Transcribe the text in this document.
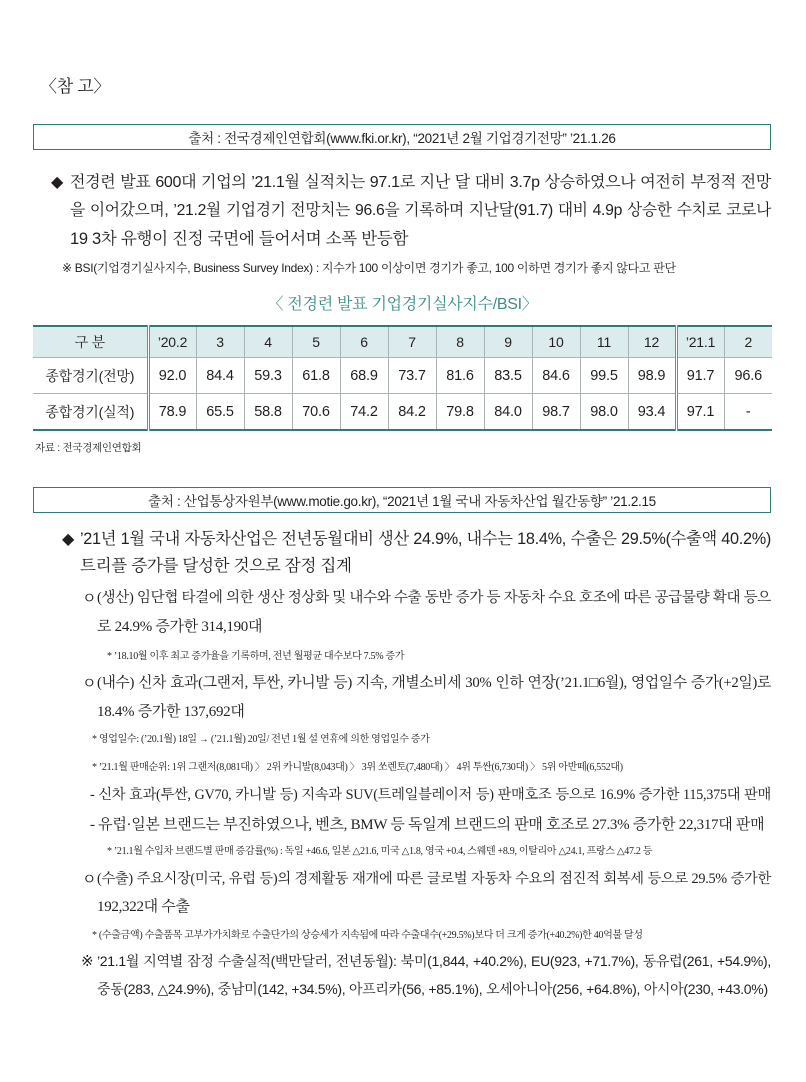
〈참 고〉
출처 : 전국경제인연합회(www.fki.or.kr), “2021년 2월 기업경기전망” ’21.1.26
◆ 전경련 발표 600대 기업의 ’21.1월 실적치는 97.1로 지난 달 대비 3.7p 상승하였으나 여전히 부정적 전망
을 이어갔으며, ’21.2월 기업경기 전망치는 96.6을 기록하며 지난달(91.7) 대비 4.9p 상승한 수치로 코로나
19 3차 유행이 진정 국면에 들어서며 소폭 반등함
※ BSI(기업경기실사지수, Business Survey Index) : 지수가 100 이상이면 경기가 좋고, 100 이하면 경기가 좋지 않다고 판단
〈 전경련 발표 기업경기실사지수/BSI〉
구 분	’20.2	3	4	5	6	7	8	9	10	11	12	’21.1	2
종합경기(전망)	92.0	84.4	59.3	61.8	68.9	73.7	81.6	83.5	84.6	99.5	98.9	91.7	96.6
종합경기(실적)	78.9	65.5	58.8	70.6	74.2	84.2	79.8	84.0	98.7	98.0	93.4	97.1	-
자료 : 전국경제인연합회
출처 : 산업통상자원부(www.motie.go.kr), “2021년 1월 국내 자동차산업 월간동향” ’21.2.15
◆ ’21년 1월 국내 자동차산업은 전년동월대비 생산 24.9%, 내수는 18.4%, 수출은 29.5%(수출액 40.2%)
트리플 증가를 달성한 것으로 잠정 집계
ㅇ (생산) 임단협 타결에 의한 생산 정상화 및 내수와 수출 동반 증가 등 자동차 수요 호조에 따른 공급물량 확대 등으
로 24.9% 증가한 314,190대
* ’18.10월 이후 최고 증가율을 기록하며, 전년 월평균 대수보다 7.5% 증가
ㅇ (내수) 신차 효과(그랜저, 투싼, 카니발 등) 지속, 개별소비세 30% 인하 연장(’21.1□6월), 영업일수 증가(+2일)로
18.4% 증가한 137,692대
* 영업일수: (’20.1월) 18일 → (’21.1월) 20일/ 전년 1월 설 연휴에 의한 영업일수 증가
* ’21.1월 판매순위: 1위 그랜저(8,081대) 〉 2위 카니발(8,043대) 〉 3위 쏘렌토(7,480대) 〉 4위 투싼(6,730대) 〉 5위 아반떼(6,552대)
- 신차 효과(투싼, GV70, 카니발 등) 지속과 SUV(트레일블레이저 등) 판매호조 등으로 16.9% 증가한 115,375대 판매
- 유럽·일본 브랜드는 부진하였으나, 벤츠, BMW 등 독일계 브랜드의 판매 호조로 27.3% 증가한 22,317대 판매
* ’21.1월 수입차 브랜드별 판매 증감률(%) : 독일 +46.6, 일본 △21.6, 미국 △1.8, 영국 +0.4, 스웨덴 +8.9, 이탈리아 △24.1, 프랑스 △47.2 등
ㅇ (수출) 주요시장(미국, 유럽 등)의 경제활동 재개에 따른 글로벌 자동차 수요의 점진적 회복세 등으로 29.5% 증가한
192,322대 수출
* (수출금액) 수출품목 고부가가치화로 수출단가의 상승세가 지속됨에 따라 수출대수(+29.5%)보다 더 크게 증가(+40.2%)한 40억불 달성
※ ’21.1월 지역별 잠정 수출실적(백만달러, 전년동월): 북미(1,844, +40.2%), EU(923, +71.7%), 동유럽(261, +54.9%),
중동(283, △24.9%), 중남미(142, +34.5%), 아프리카(56, +85.1%), 오세아니아(256, +64.8%), 아시아(230, +43.0%)
